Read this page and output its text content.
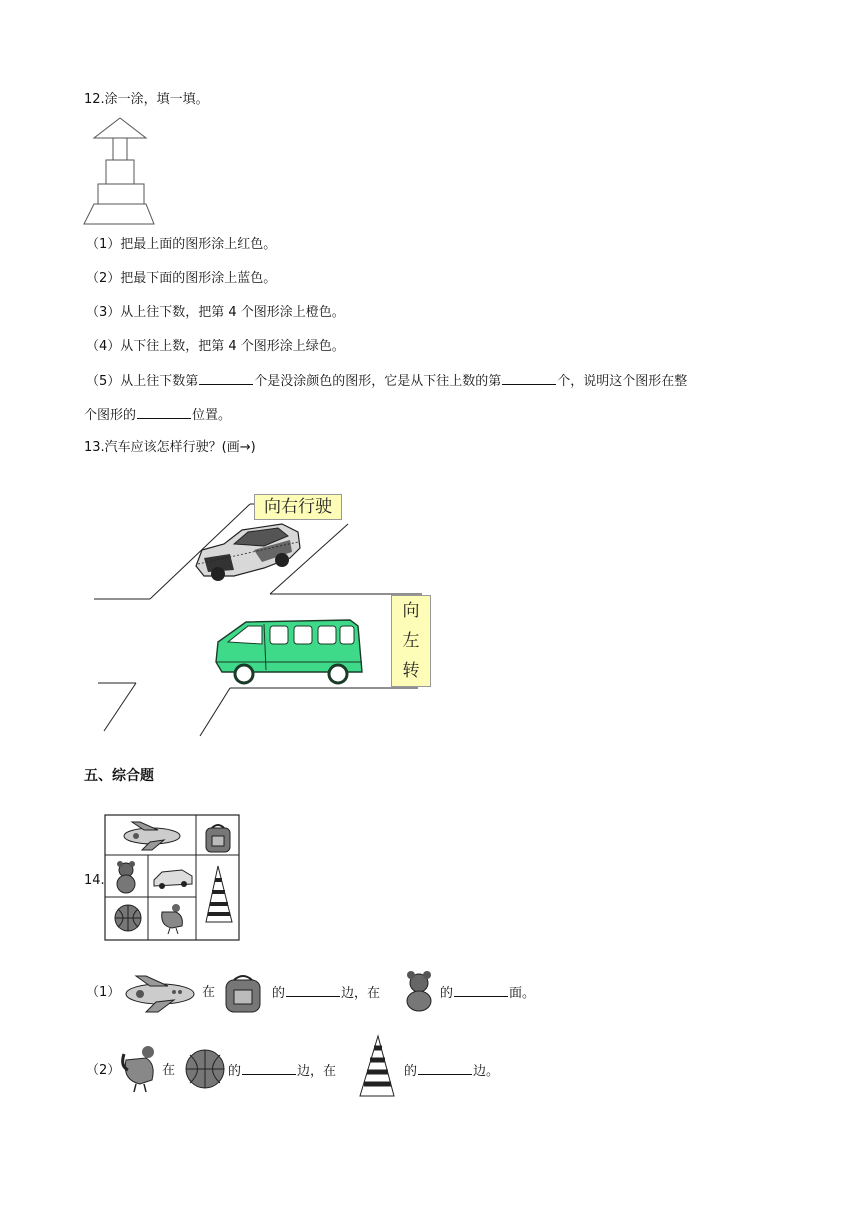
12.涂一涂，填一填。
（1）把最上面的图形涂上红色。
（2）把最下面的图形涂上蓝色。
（3）从上往下数，把第 4 个图形涂上橙色。
（4）从下往上数，把第 4 个图形涂上绿色。
（5）从上往下数第	个是没涂颜色的图形，它是从下往上数的第	个，说明这个图形在整
个图形的	位置。
13.汽车应该怎样行驶？(画→)
向右行驶
向
左
转
五、综合题
14.
（1）	在	的	边，在	的	面。
（2）	在	的	边，在	的	边。
